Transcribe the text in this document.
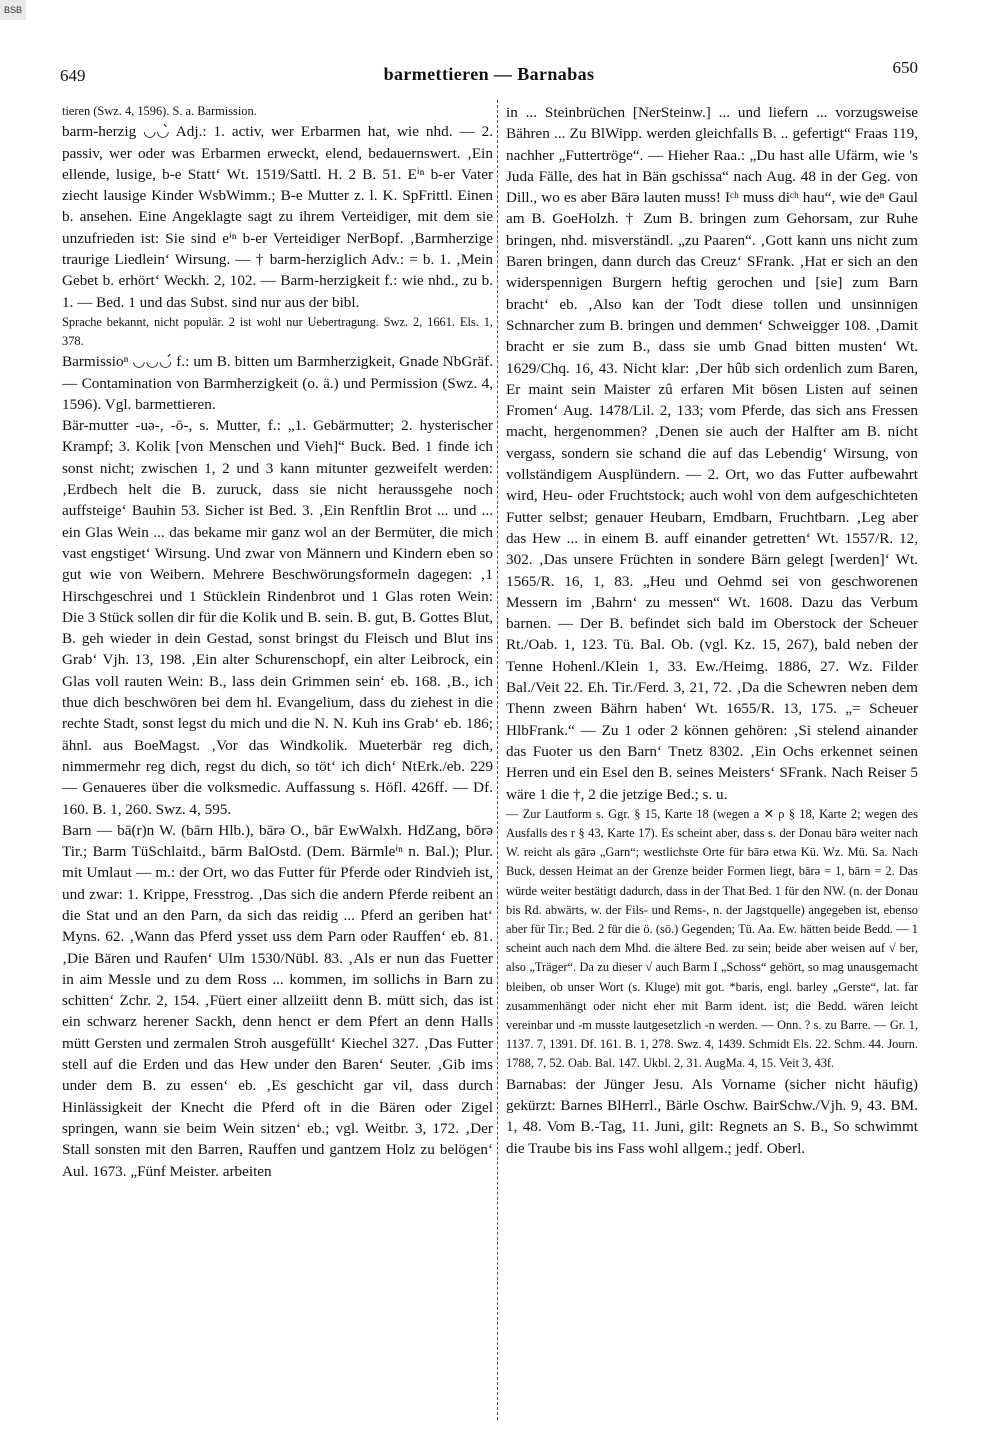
BSB
649	barmettieren — Barnabas	650

tieren (Swz. 4, 1596). S. a. Barmission.

barm-herzig ◡◡̀ Adj.: 1. activ, wer Erbarmen hat, wie nhd. — 2. passiv, wer oder was Erbarmen erweckt, elend, bedauernswert. ‚Ein ellende, lusige, b-e Statt‘ Wt. 1519/Sattl. H. 2 B. 51. Eⁱⁿ b-er Vater ziecht lausige Kinder WsbWimm.; B-e Mutter z. l. K. SpFrittl. Einen b. ansehen. Eine Angeklagte sagt zu ihrem Verteidiger, mit dem sie unzufrieden ist: Sie sind eⁱⁿ b-er Verteidiger NerBopf. ‚Barmherzige traurige Liedlein‘ Wirsung. — † barm-herziglich Adv.: = b. 1. ‚Mein Gebet b. erhört‘ Weckh. 2, 102. — Barm-herzigkeit f.: wie nhd., zu b. 1. — Bed. 1 und das Subst. sind nur aus der bibl.

Sprache bekannt, nicht populär. 2 ist wohl nur Uebertragung. Swz. 2, 1661. Els. 1, 378.

Barmissioⁿ ◡◡◡́ f.: um B. bitten um Barmherzigkeit, Gnade NbGräf. — Contamination von Barmherzigkeit (o. ä.) und Permission (Swz. 4, 1596). Vgl. barmettieren.

Bär-mutter -uə-, -ō-, s. Mutter, f.: „1. Gebärmutter; 2. hysterischer Krampf; 3. Kolik [von Menschen und Vieh]“ Buck. Bed. 1 finde ich sonst nicht; zwischen 1, 2 und 3 kann mitunter gezweifelt werden: ‚Erdbech helt die B. zuruck, dass sie nicht heraussgehe noch auffsteige‘ Bauhin 53. Sicher ist Bed. 3. ‚Ein Renftlin Brot ... und ... ein Glas Wein ... das bekame mir ganz wol an der Bermüter, die mich vast engstiget‘ Wirsung. Und zwar von Männern und Kindern eben so gut wie von Weibern. Mehrere Beschwörungsformeln dagegen: ‚1 Hirschgeschrei und 1 Stücklein Rindenbrot und 1 Glas roten Wein: Die 3 Stück sollen dir für die Kolik und B. sein. B. gut, B. Gottes Blut, B. geh wieder in dein Gestad, sonst bringst du Fleisch und Blut ins Grab‘ Vjh. 13, 198. ‚Ein alter Schurenschopf, ein alter Leibrock, ein Glas voll rauten Wein: B., lass dein Grimmen sein‘ eb. 168. ‚B., ich thue dich beschwören bei dem hl. Evangelium, dass du ziehest in die rechte Stadt, sonst legst du mich und die N. N. Kuh ins Grab‘ eb. 186; ähnl. aus BoeMagst. ‚Vor das Windkolik. Mueterbär reg dich, nimmermehr reg dich, regst du dich, so töt‘ ich dich‘ NtErk./eb. 229 — Genaueres über die volksmedic. Auffassung s. Höfl. 426ff. — Df. 160. B. 1, 260. Swz. 4, 595.

Barn — bā(r)n W. (bārn Hlb.), bārə O., bār EwWalxh. HdZang, bōrə Tir.; Barm TüSchlaitd., bārm BalOstd. (Dem. Bärmleⁱⁿ n. Bal.); Plur. mit Umlaut — m.: der Ort, wo das Futter für Pferde oder Rindvieh ist, und zwar: 1. Krippe, Fresstrog. ‚Das sich die andern Pferde reibent an die Stat und an den Parn, da sich das reidig ... Pferd an geriben hat‘ Myns. 62. ‚Wann das Pferd ysset uss dem Parn oder Rauffen‘ eb. 81. ‚Die Bären und Raufen‘ Ulm 1530/Nübl. 83. ‚Als er nun das Fuetter in aim Messle und zu dem Ross ... kommen, im sollichs in Barn zu schitten‘ Zchr. 2, 154. ‚Füert einer allzeiitt denn B. mütt sich, das ist ein schwarz herener Sackh, denn henct er dem Pfert an denn Halls mütt Gersten und zermalen Stroh ausgefüllt‘ Kiechel 327. ‚Das Futter stell auf die Erden und das Hew under den Baren‘ Seuter. ‚Gib ims under dem B. zu essen‘ eb. ‚Es geschicht gar vil, dass durch Hinlässigkeit der Knecht die Pferd oft in die Bären oder Zigel springen, wann sie beim Wein sitzen‘ eb.; vgl. Weitbr. 3, 172. ‚Der Stall sonsten mit den Barren, Rauffen und gantzem Holz zu belögen‘ Aul. 1673. „Fünf Meister. arbeiten

in ... Steinbrüchen [NerSteinw.] ... und liefern ... vorzugsweise Bähren ... Zu BlWipp. werden gleichfalls B. .. gefertigt“ Fraas 119, nachher „Futtertröge“. — Hieher Raa.: „Du hast alle Ufärm, wie 's Juda Fälle, des hat in Bän gschissa“ nach Aug. 48 in der Geg. von Dill., wo es aber Bārə lauten muss! Iᶜʰ muss diᶜʰ hau“, wie deⁿ Gaul am B. GoeHolzh. † Zum B. bringen zum Gehorsam, zur Ruhe bringen, nhd. misverständl. „zu Paaren“. ‚Gott kann uns nicht zum Baren bringen, dann durch das Creuz‘ SFrank. ‚Hat er sich an den widerspennigen Burgern heftig gerochen und [sie] zum Barn bracht‘ eb. ‚Also kan der Todt diese tollen und unsinnigen Schnarcher zum B. bringen und demmen‘ Schweigger 108. ‚Damit bracht er sie zum B., dass sie umb Gnad bitten musten‘ Wt. 1629/Chq. 16, 43. Nicht klar: ‚Der hûb sich ordenlich zum Baren, Er maint sein Maister zû erfaren Mit bösen Listen auf seinen Fromen‘ Aug. 1478/Lil. 2, 133; vom Pferde, das sich ans Fressen macht, hergenommen? ‚Denen sie auch der Halfter am B. nicht vergass, sondern sie schand die auf das Lebendig‘ Wirsung, von vollständigem Ausplündern. — 2. Ort, wo das Futter aufbewahrt wird, Heu- oder Fruchtstock; auch wohl von dem aufgeschichteten Futter selbst; genauer Heubarn, Emdbarn, Fruchtbarn. ‚Leg aber das Hew ... in einem B. auff einander getretten‘ Wt. 1557/R. 12, 302. ‚Das unsere Früchten in sondere Bärn gelegt [werden]‘ Wt. 1565/R. 16, 1, 83. „Heu und Oehmd sei von geschworenen Messern im ‚Bahrn‘ zu messen“ Wt. 1608. Dazu das Verbum barnen. — Der B. befindet sich bald im Oberstock der Scheuer Rt./Oab. 1, 123. Tü. Bal. Ob. (vgl. Kz. 15, 267), bald neben der Tenne Hohenl./Klein 1, 33. Ew./Heimg. 1886, 27. Wz. Filder Bal./Veit 22. Eh. Tir./Ferd. 3, 21, 72. ‚Da die Schewren neben dem Thenn zween Bährn haben‘ Wt. 1655/R. 13, 175. „= Scheuer HlbFrank.“ — Zu 1 oder 2 können gehören: ‚Si stelend ainander das Fuoter us den Barn‘ Tnetz 8302. ‚Ein Ochs erkennet seinen Herren und ein Esel den B. seines Meisters‘ SFrank. Nach Reiser 5 wäre 1 die †, 2 die jetzige Bed.; s. u.

— Zur Lautform s. Ggr. § 15, Karte 18 (wegen a ✕ ρ § 18, Karte 2; wegen des Ausfalls des r § 43, Karte 17). Es scheint aber, dass s. der Donau bārə weiter nach W. reicht als gārə „Garn“; westlichste Orte für bārə etwa Kü. Wz. Mü. Sa. Nach Buck, dessen Heimat an der Grenze beider Formen liegt, bārə = 1, bārn = 2. Das würde weiter bestätigt dadurch, dass in der That Bed. 1 für den NW. (n. der Donau bis Rd. abwärts, w. der Fils- und Rems-, n. der Jagstquelle) angegeben ist, ebenso aber für Tir.; Bed. 2 für die ö. (sö.) Gegenden; Tü. Aa. Ew. hätten beide Bedd. — 1 scheint auch nach dem Mhd. die ältere Bed. zu sein; beide aber weisen auf √ ber, also „Träger“. Da zu dieser √ auch Barm I „Schoss“ gehört, so mag unausgemacht bleiben, ob unser Wort (s. Kluge) mit got. *baris, engl. barley „Gerste“, lat. far zusammenhängt oder nicht eher mit Barm ident. ist; die Bedd. wären leicht vereinbar und -m musste lautgesetzlich -n werden. — Onn. ? s. zu Barre. — Gr. 1, 1137. 7, 1391. Df. 161. B. 1, 278. Swz. 4, 1439. Schmidt Els. 22. Schm. 44. Journ. 1788, 7, 52. Oab. Bal. 147. Ukbl. 2, 31. AugMa. 4, 15. Veit 3, 43f.

Barnabas: der Jünger Jesu. Als Vorname (sicher nicht häufig) gekürzt: Barnes BlHerrl., Bärle Oschw. BairSchw./Vjh. 9, 43. BM. 1, 48. Vom B.-Tag, 11. Juni, gilt: Regnets an S. B., So schwimmt die Traube bis ins Fass wohl allgem.; jedf. Oberl.
